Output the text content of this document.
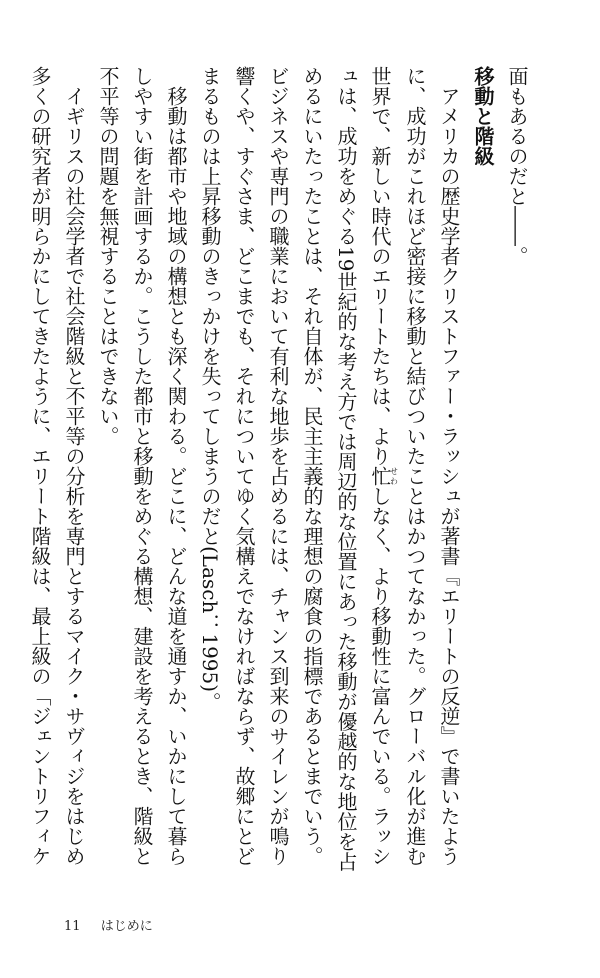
面もあるのだと――。
移動と階級
アメリカの歴史学者クリストファー・ラッシュが著書『エリートの反逆』で書いたよう
に、成功がこれほど密接に移動と結びついたことはかつてなかった。グローバル化が進む
世界で、新しい時代のエリートたちは、より忙せわしなく、より移動性に富んでいる。ラッシ
ュは、成功をめぐる19世紀的な考え方では周辺的な位置にあった移動が優越的な地位を占
めるにいたったことは、それ自体が、民主主義的な理想の腐食の指標であるとまでいう。
ビジネスや専門の職業において有利な地歩を占めるには、チャンス到来のサイレンが鳴り
響くや、すぐさま、どこまでも、それについてゆく気構えでなければならず、故郷にとど
まるものは上昇移動のきっかけを失ってしまうのだと(Lasch：1995)。
移動は都市や地域の構想とも深く関わる。どこに、どんな道を通すか、いかにして暮ら
しやすい街を計画するか。こうした都市と移動をめぐる構想、建設を考えるとき、階級と
不平等の問題を無視することはできない。
イギリスの社会学者で社会階級と不平等の分析を専門とするマイク・サヴィジをはじめ
多くの研究者が明らかにしてきたように、エリート階級は、最上級の「ジェントリフィケ
11 はじめに
